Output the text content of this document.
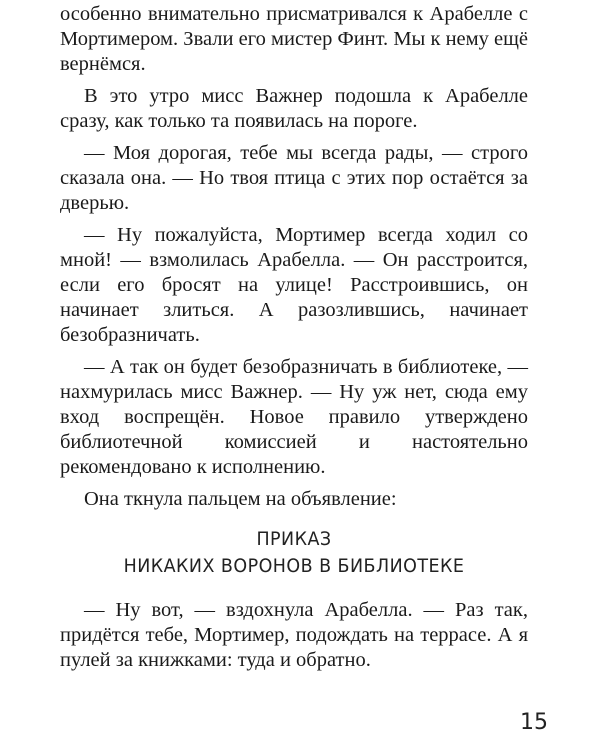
особенно внимательно присматривался к Арабелле с Мортимером. Звали его мистер Финт. Мы к нему ещё вернёмся.

В это утро мисс Важнер подошла к Арабелле сразу, как только та появилась на пороге.

— Моя дорогая, тебе мы всегда рады, — строго сказала она. — Но твоя птица с этих пор остаётся за дверью.

— Ну пожалуйста, Мортимер всегда ходил со мной! — взмолилась Арабелла. — Он расстроится, если его бросят на улице! Расстроившись, он начинает злиться. А разозлившись, начинает безобразничать.

— А так он будет безобразничать в библиотеке, — нахмурилась мисс Важнер. — Ну уж нет, сюда ему вход воспрещён. Новое правило утверждено библиотечной комиссией и настоятельно рекомендовано к исполнению.

Она ткнула пальцем на объявление:

ПРИКАЗ
НИКАКИХ ВОРОНОВ В БИБЛИОТЕКЕ

— Ну вот, — вздохнула Арабелла. — Раз так, придётся тебе, Мортимер, подождать на террасе. А я пулей за книжками: туда и обратно.

15
